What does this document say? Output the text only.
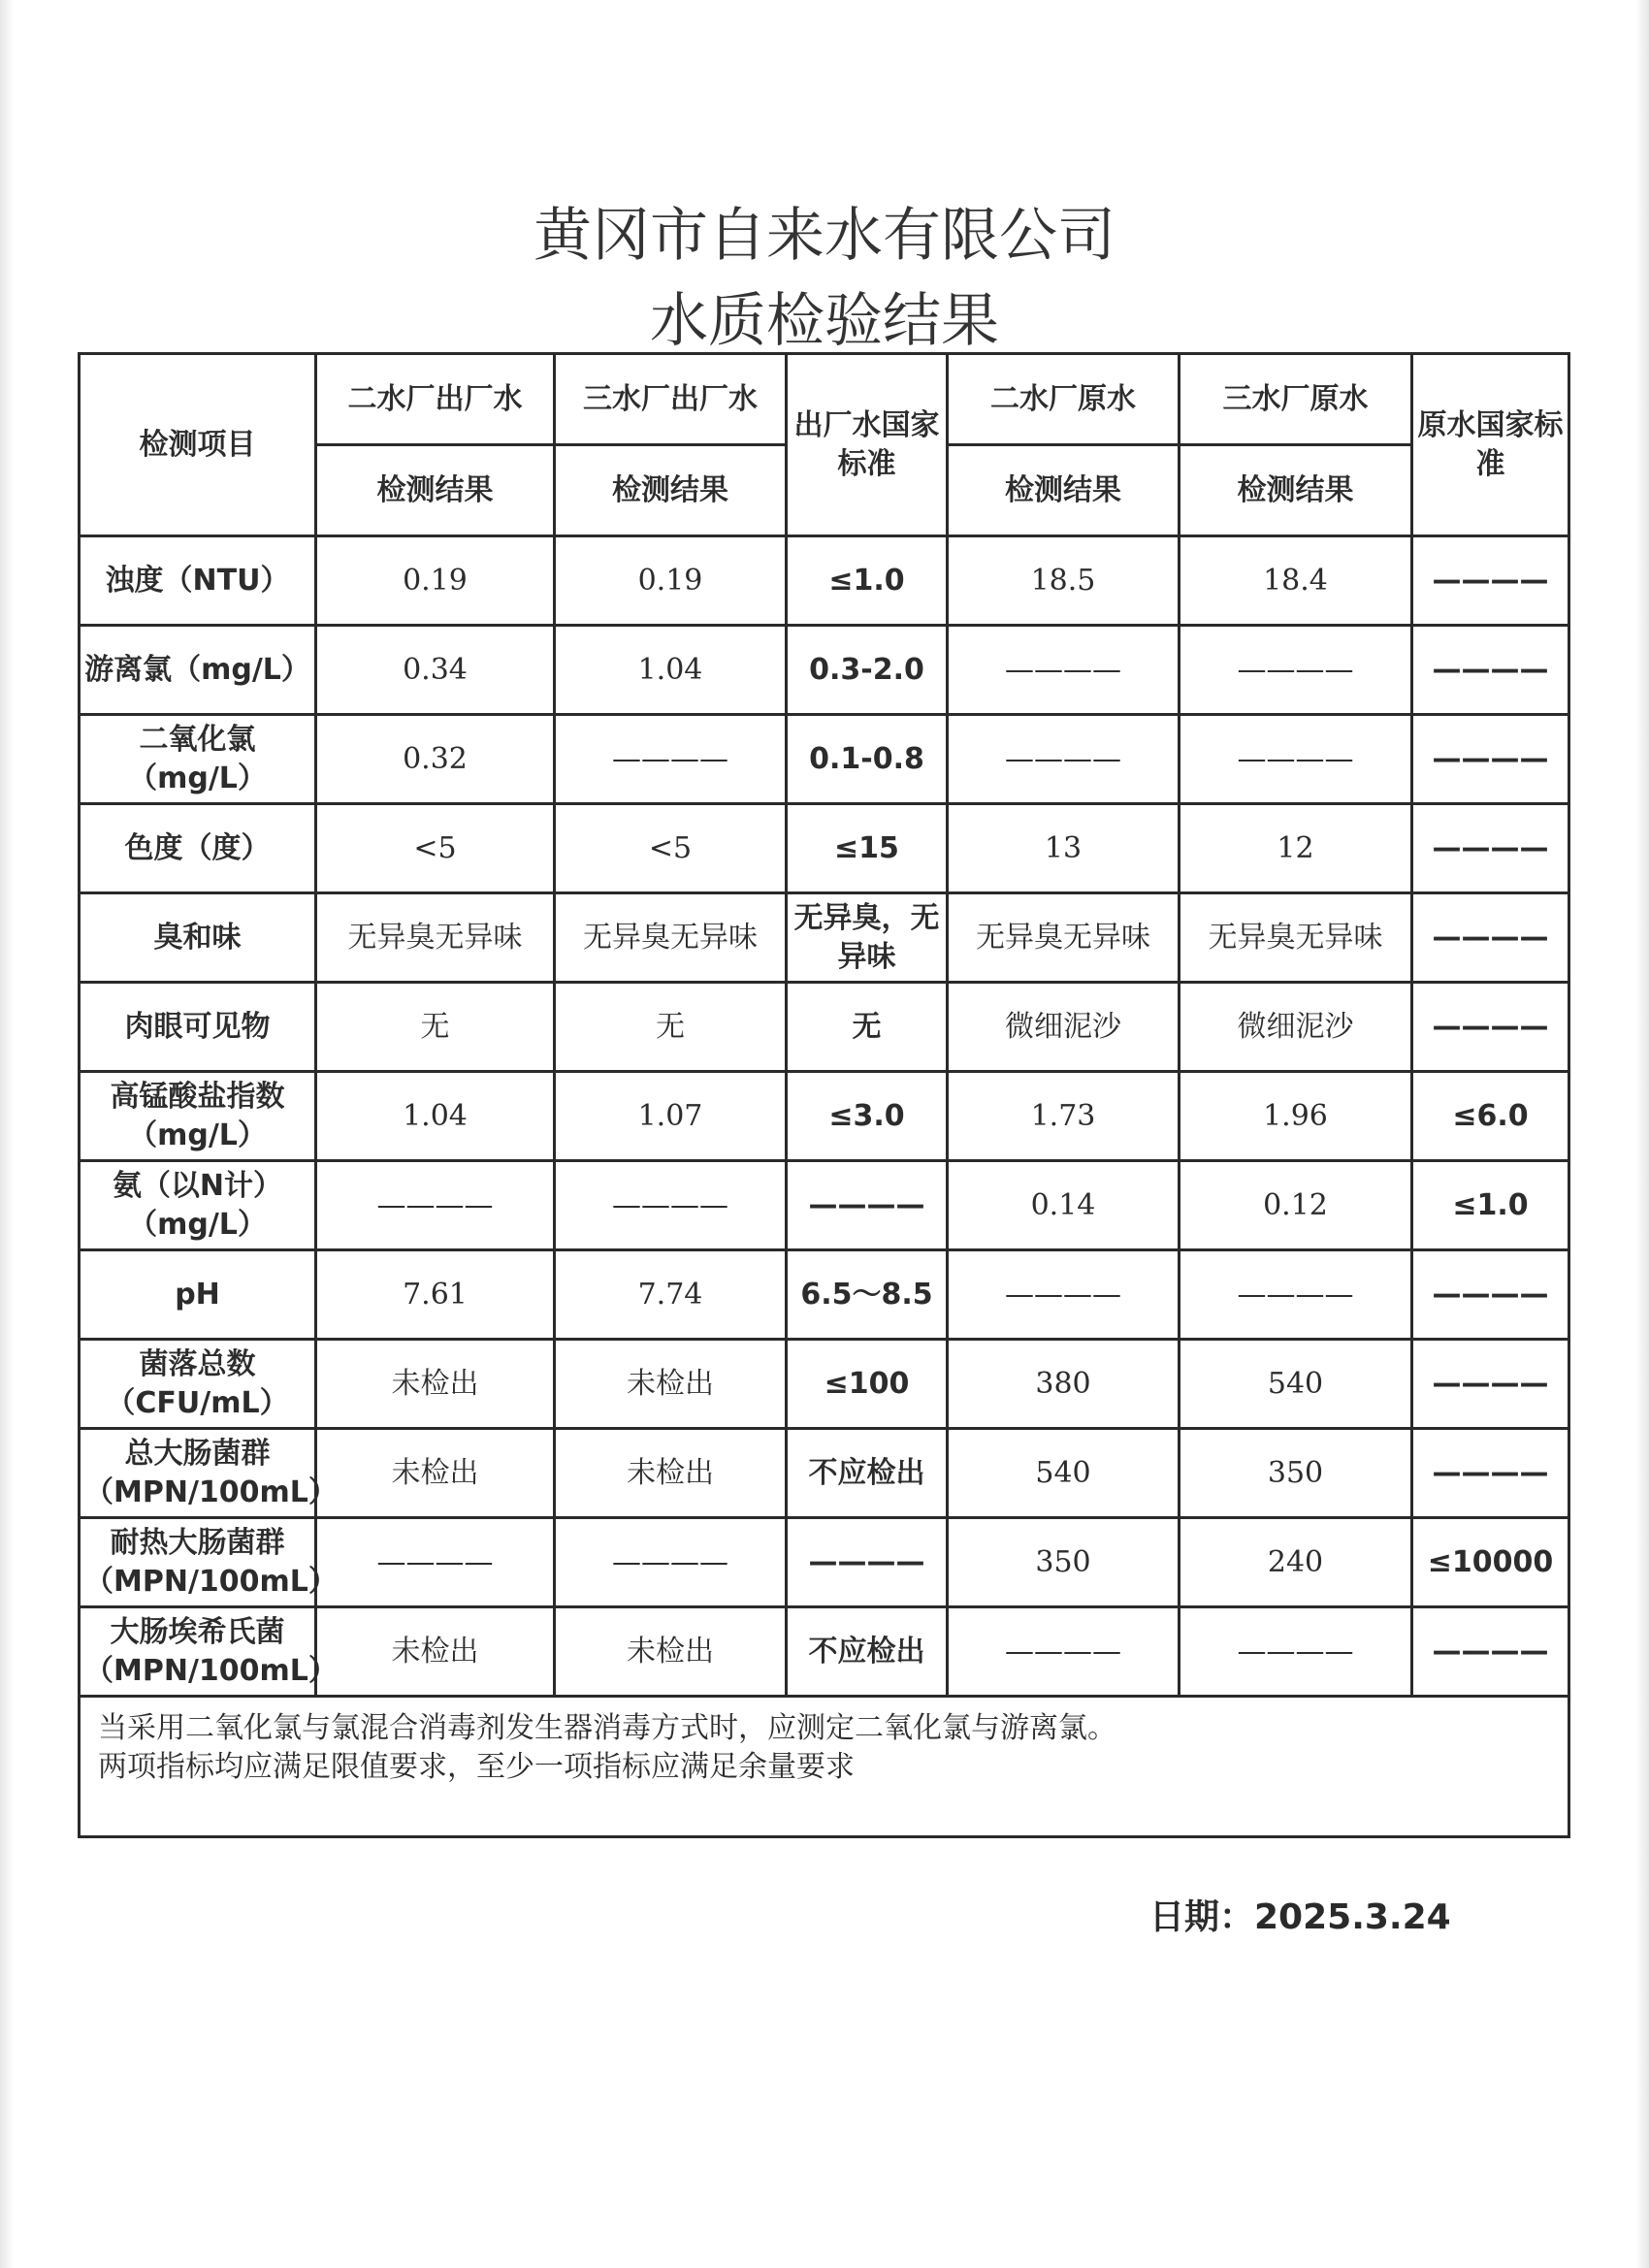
黄冈市自来水有限公司
水质检验结果
检测项目	二水厂出厂水	三水厂出厂水	出厂水国家标准	二水厂原水	三水厂原水	原水国家标准
	检测结果	检测结果		检测结果	检测结果	

浊度（NTU）	0.19	0.19	≤1.0	18.5	18.4	————

游离氯（mg/L）	0.34	1.04	0.3-2.0	————	————	————

二氧化氯
（mg/L）	0.32	————	0.1-0.8	————	————	————

色度（度）	<5	<5	≤15	13	12	————

臭和味	无异臭无异味	无异臭无异味	无异臭，无异味	无异臭无异味	无异臭无异味	————

肉眼可见物	无	无	无	微细泥沙	微细泥沙	————

高锰酸盐指数
（mg/L）	1.04	1.07	≤3.0	1.73	1.96	≤6.0

氨（以N计）
（mg/L）	————	————	————	0.14	0.12	≤1.0

pH	7.61	7.74	6.5～8.5	————	————	————

菌落总数
（CFU/mL）	未检出	未检出	≤100	380	540	————

总大肠菌群
（MPN/100mL）	未检出	未检出	不应检出	540	350	————

耐热大肠菌群
（MPN/100mL）	————	————	————	350	240	≤10000

大肠埃希氏菌
（MPN/100mL）	未检出	未检出	不应检出	————	————	————

当采用二氧化氯与氯混合消毒剂发生器消毒方式时，应测定二氧化氯与游离氯。
两项指标均应满足限值要求，至少一项指标应满足余量要求						
日期：2025.3.24
